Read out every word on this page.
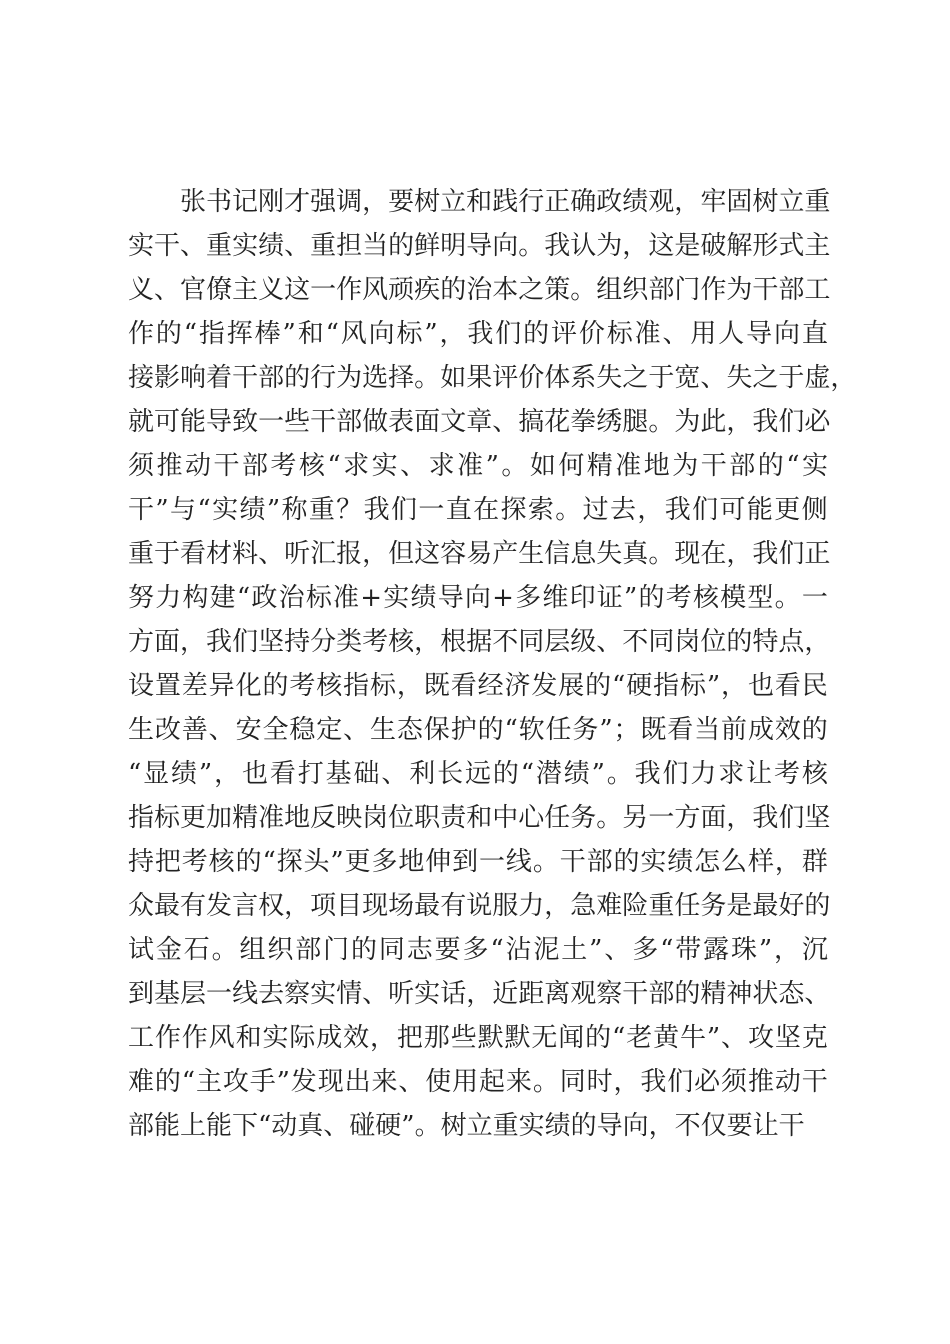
张 书 记 刚 才 强 调 ， 要 树 立 和 践 行 正 确 政 绩 观 ， 牢 固 树 立 重
实 干 、 重 实 绩 、 重 担 当 的 鲜 明 导 向 。 我 认 为 ， 这 是 破 解 形 式 主
义 、 官 僚 主 义 这 一 作 风 顽 疾 的 治 本 之 策 。 组 织 部 门 作 为 干 部 工
作 的 “ 指 挥 棒 ” 和 “ 风 向 标 ” ， 我 们 的 评 价 标 准 、 用 人 导 向 直
接 影 响 着 干 部 的 行 为 选 择 。 如 果 评 价 体 系 失 之 于 宽 、 失 之 于 虚 ，
就 可 能 导 致 一 些 干 部 做 表 面 文 章 、 搞 花 拳 绣 腿 。 为 此 ， 我 们 必
须 推 动 干 部 考 核 “ 求 实 、 求 准 ” 。 如 何 精 准 地 为 干 部 的 “ 实
干 ” 与 “ 实 绩 ” 称 重 ？ 我 们 一 直 在 探 索 。 过 去 ， 我 们 可 能 更 侧
重 于 看 材 料 、 听 汇 报 ， 但 这 容 易 产 生 信 息 失 真 。 现 在 ， 我 们 正
努 力 构 建 “ 政 治 标 准 + 实 绩 导 向 + 多 维 印 证 ” 的 考 核 模 型 。 一
方 面 ， 我 们 坚 持 分 类 考 核 ， 根 据 不 同 层 级 、 不 同 岗 位 的 特 点 ，
设 置 差 异 化 的 考 核 指 标 ， 既 看 经 济 发 展 的 “ 硬 指 标 ” ， 也 看 民
生 改 善 、 安 全 稳 定 、 生 态 保 护 的 “ 软 任 务 ” ； 既 看 当 前 成 效 的
“ 显 绩 ” ， 也 看 打 基 础 、 利 长 远 的 “ 潜 绩 ” 。 我 们 力 求 让 考 核
指 标 更 加 精 准 地 反 映 岗 位 职 责 和 中 心 任 务 。 另 一 方 面 ， 我 们 坚
持 把 考 核 的 “ 探 头 ” 更 多 地 伸 到 一 线 。 干 部 的 实 绩 怎 么 样 ， 群
众 最 有 发 言 权 ， 项 目 现 场 最 有 说 服 力 ， 急 难 险 重 任 务 是 最 好 的
试 金 石 。 组 织 部 门 的 同 志 要 多 “ 沾 泥 土 ” 、 多 “ 带 露 珠 ” ， 沉
到 基 层 一 线 去 察 实 情 、 听 实 话 ， 近 距 离 观 察 干 部 的 精 神 状 态 、
工 作 作 风 和 实 际 成 效 ， 把 那 些 默 默 无 闻 的 “ 老 黄 牛 ” 、 攻 坚 克
难 的 “ 主 攻 手 ” 发 现 出 来 、 使 用 起 来 。 同 时 ， 我 们 必 须 推 动 干
部能上能下“动真、碰硬”。树立重实绩的导向，不仅要让干
